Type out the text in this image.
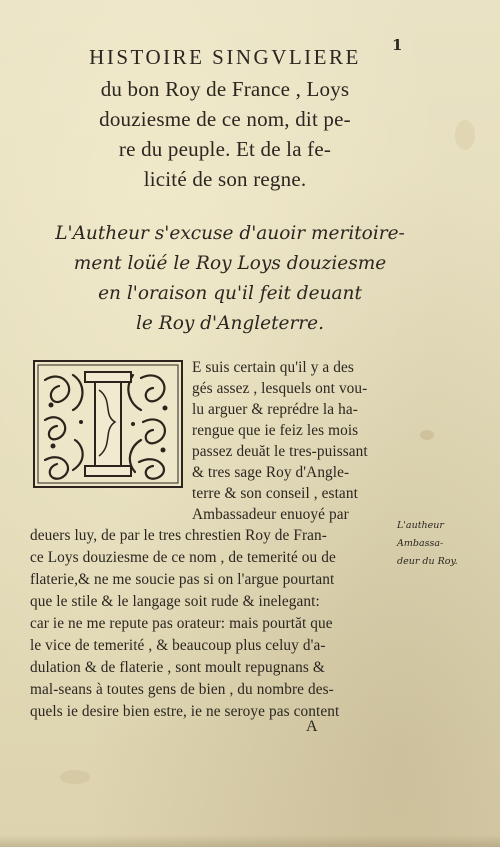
1
HISTOIRE SINGVLIERE
du bon Roy de France , Loys
douziesme de ce nom, dit pe-
re du peuple. Et de la fe-
licité de son regne.
L'Autheur s'excuse d'auoir meritoire-
ment loüé le Roy Loys douziesme
en l'oraison qu'il feit deuant
le Roy d'Angleterre.
E suis certain qu'il y a des
gés assez , lesquels ont vou-
lu arguer & reprédre la ha-
rengue que ie feiz les mois
passez deuăt le tres-puissant
& tres sage Roy d'Angle-
terre & son conseil , estant
Ambassadeur enuoyé par
deuers luy, de par le tres chrestien Roy de Fran-
ce Loys douziesme de ce nom , de temerité ou de
flaterie,& ne me soucie pas si on l'argue pourtant
que le stile & le langage soit rude & inelegant:
car ie ne me repute pas orateur: mais pourtăt que
le vice de temerité , & beaucoup plus celuy d'a-
dulation & de flaterie , sont moult repugnans &
mal-seans à toutes gens de bien , du nombre des-
quels ie desire bien estre, ie ne seroye pas content
L'autheur
Ambassa-
deur du Roy.
A
